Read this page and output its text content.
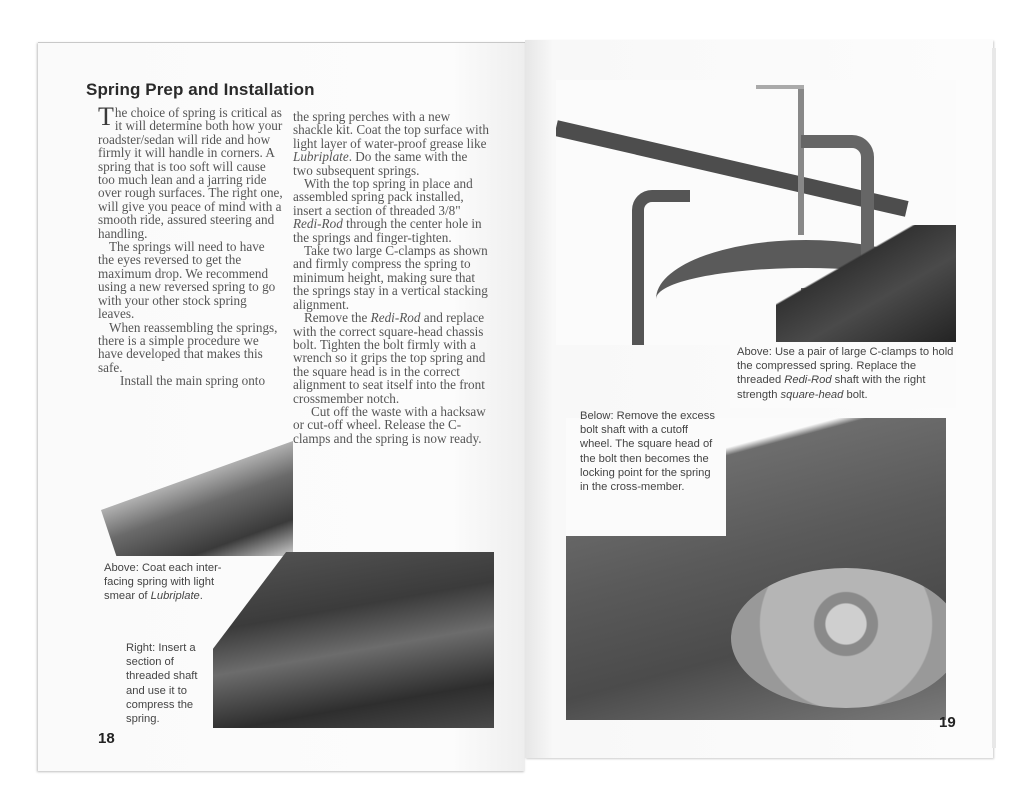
Spring Prep and Installation

The choice of spring is critical as it will determine both how your roadster/sedan will ride and how firmly it will handle in corners. A spring that is too soft will cause too much lean and a jarring ride over rough surfaces. The right one, will give you peace of mind with a smooth ride, assured steering and handling.

The springs will need to have the eyes reversed to get the maximum drop. We recommend using a new reversed spring to go with your other stock spring leaves.

When reassembling the springs, there is a simple procedure we have developed that makes this safe.

Install the main spring onto

the spring perches with a new shackle kit. Coat the top surface with light layer of water-proof grease like Lubriplate. Do the same with the two subsequent springs.

With the top spring in place and assembled spring pack installed, insert a section of threaded 3/8" Redi-Rod through the center hole in the springs and finger-tighten.

Take two large C-clamps as shown and firmly compress the spring to minimum height, making sure that the springs stay in a vertical stacking alignment.

Remove the Redi-Rod and replace with the correct square-head chassis bolt. Tighten the bolt firmly with a wrench so it grips the top spring and the square head is in the correct alignment to seat itself into the front crossmember notch.

Cut off the waste with a hacksaw or cut-off wheel. Release the C-clamps and the spring is now ready.

Above: Coat each inter-facing spring with light smear of Lubriplate.
Right: Insert a section of threaded shaft and use it to compress the spring.
18
Above: Use a pair of large C-clamps to hold the compressed spring. Replace the threaded Redi-Rod shaft with the right strength square-head bolt.
Below: Remove the excess bolt shaft with a cutoff wheel. The square head of the bolt then becomes the locking point for the spring in the cross-member.
19
